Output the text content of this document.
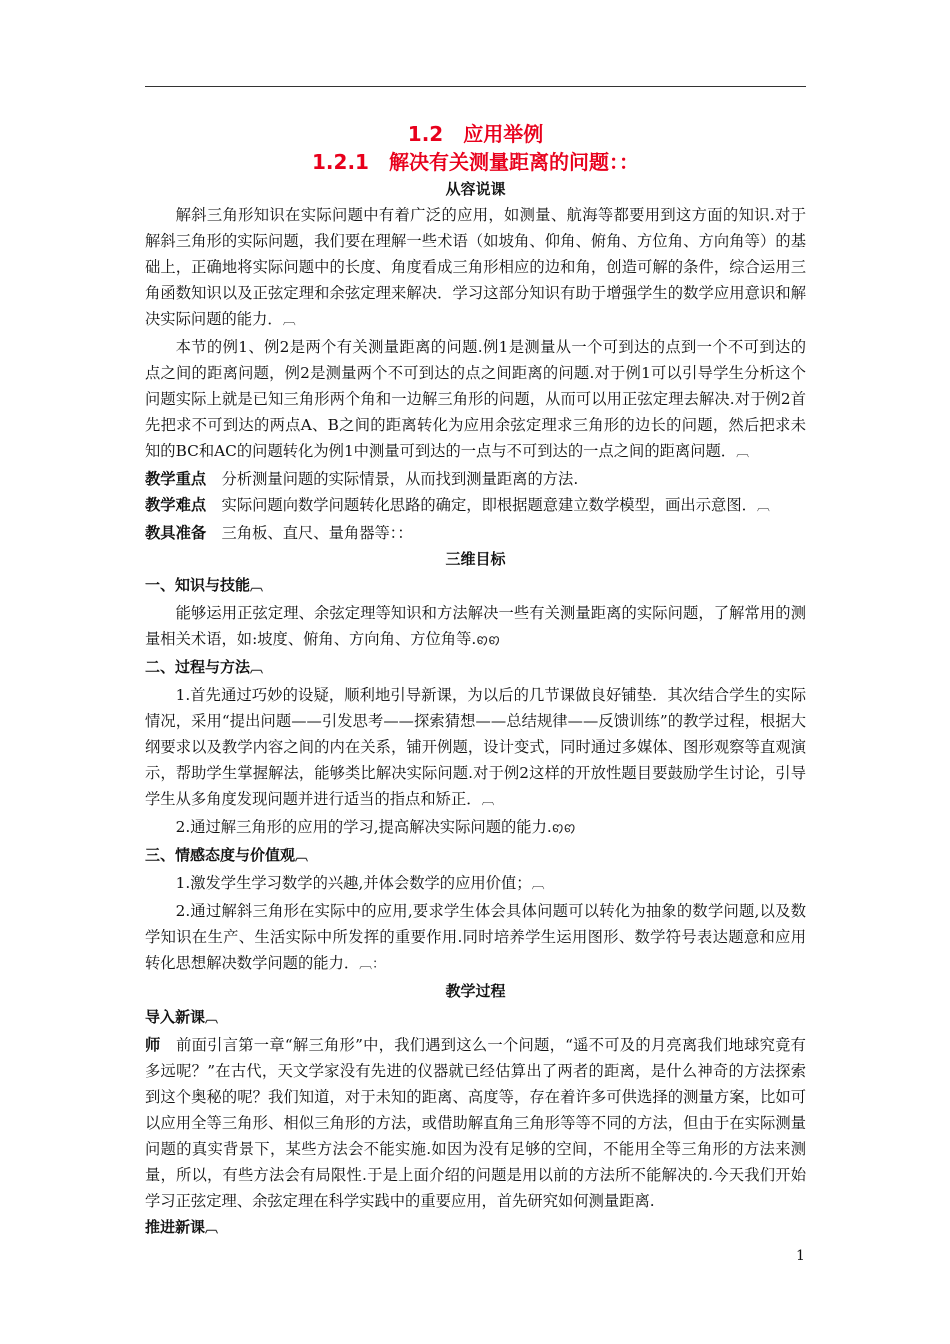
1.2　应用举例
1.2.1　解决有关测量距离的问题：：
从容说课

解斜三角形知识在实际问题中有着广泛的应用，如测量、航海等都要用到这方面的知识.对于解斜三角形的实际问题，我们要在理解一些术语（如坡角、仰角、俯角、方位角、方向角等）的基础上，正确地将实际问题中的长度、角度看成三角形相应的边和角，创造可解的条件，综合运用三角函数知识以及正弦定理和余弦定理来解决．学习这部分知识有助于增强学生的数学应用意识和解决实际问题的能力．︹

本节的例1、例2是两个有关测量距离的问题.例1是测量从一个可到达的点到一个不可到达的点之间的距离问题，例2是测量两个不可到达的点之间距离的问题.对于例1可以引导学生分析这个问题实际上就是已知三角形两个角和一边解三角形的问题，从而可以用正弦定理去解决.对于例2首先把求不可到达的两点A、B之间的距离转化为应用余弦定理求三角形的边长的问题，然后把求未知的BC和AC的问题转化为例1中测量可到达的一点与不可到达的一点之间的距离问题．︹

教学重点　 分析测量问题的实际情景，从而找到测量距离的方法.

教学难点　 实际问题向数学问题转化思路的确定，即根据题意建立数学模型，画出示意图．︹

教具准备　 三角板、直尺、量角器等：：

三维目标
一、知识与技能︹

能够运用正弦定理、余弦定理等知识和方法解决一些有关测量距离的实际问题，了解常用的测量相关术语，如:坡度、俯角、方向角、方位角等.ꩅꩅ

二、过程与方法︹

1.首先通过巧妙的设疑，顺利地引导新课，为以后的几节课做良好铺垫．其次结合学生的实际情况，采用“提出问题——引发思考——探索猜想——总结规律——反馈训练”的教学过程，根据大纲要求以及教学内容之间的内在关系，铺开例题，设计变式，同时通过多媒体、图形观察等直观演示，帮助学生掌握解法，能够类比解决实际问题.对于例2这样的开放性题目要鼓励学生讨论，引导学生从多角度发现问题并进行适当的指点和矫正．︹

2.通过解三角形的应用的学习,提高解决实际问题的能力.ꩅꩅ

三、情感态度与价值观︹

1.激发学生学习数学的兴趣,并体会数学的应用价值；︹

2.通过解斜三角形在实际中的应用,要求学生体会具体问题可以转化为抽象的数学问题,以及数学知识在生产、生活实际中所发挥的重要作用.同时培养学生运用图形、数学符号表达题意和应用转化思想解决数学问题的能力．︹：

教学过程
导入新课︹

师　 前面引言第一章“解三角形”中，我们遇到这么一个问题，“遥不可及的月亮离我们地球究竟有多远呢？”在古代，天文学家没有先进的仪器就已经估算出了两者的距离，是什么神奇的方法探索到这个奥秘的呢？我们知道，对于未知的距离、高度等，存在着许多可供选择的测量方案，比如可以应用全等三角形、相似三角形的方法，或借助解直角三角形等等不同的方法，但由于在实际测量问题的真实背景下，某些方法会不能实施.如因为没有足够的空间，不能用全等三角形的方法来测量，所以，有些方法会有局限性.于是上面介绍的问题是用以前的方法所不能解决的.今天我们开始学习正弦定理、余弦定理在科学实践中的重要应用，首先研究如何测量距离.

推进新课︹
1
